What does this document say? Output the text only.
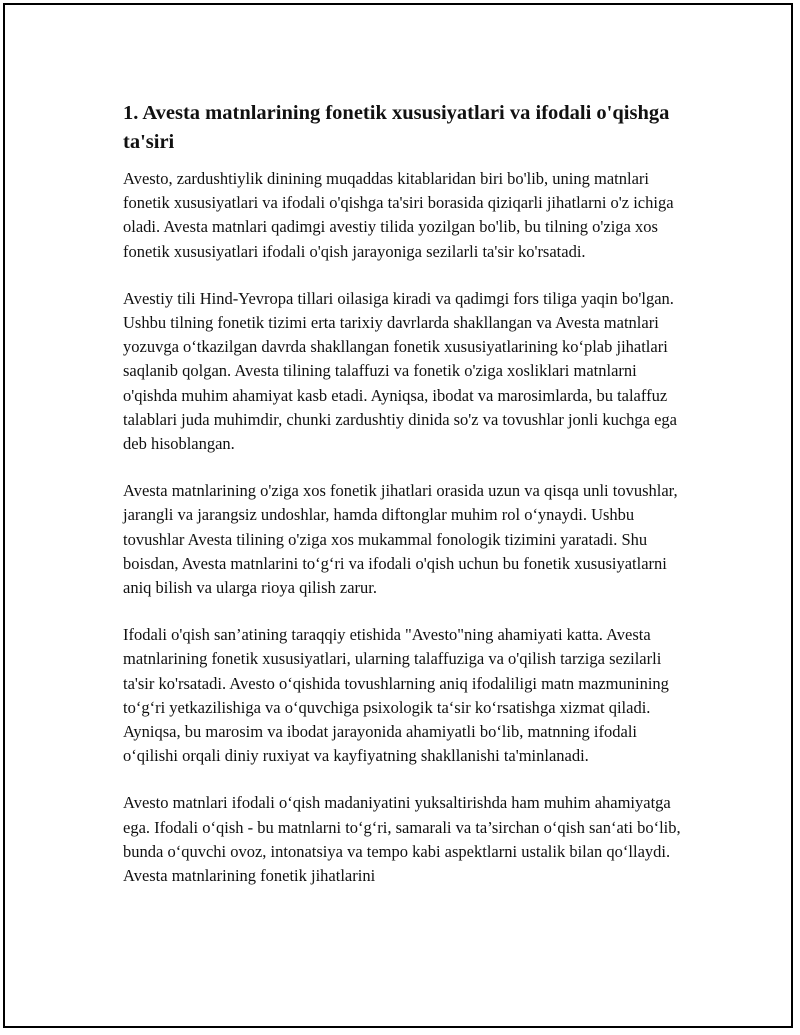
1. Avesta matnlarining fonetik xususiyatlari va ifodali o'qishga ta'siri

Avesto, zardushtiylik dinining muqaddas kitablaridan biri bo'lib, uning matnlari fonetik xususiyatlari va ifodali o'qishga ta'siri borasida qiziqarli jihatlarni o'z ichiga oladi. Avesta matnlari qadimgi avestiy tilida yozilgan bo'lib, bu tilning o'ziga xos fonetik xususiyatlari ifodali o'qish jarayoniga sezilarli ta'sir ko'rsatadi.

Avestiy tili Hind-Yevropa tillari oilasiga kiradi va qadimgi fors tiliga yaqin bo'lgan. Ushbu tilning fonetik tizimi erta tarixiy davrlarda shakllangan va Avesta matnlari yozuvga oʻtkazilgan davrda shakllangan fonetik xususiyatlarining koʻplab jihatlari saqlanib qolgan. Avesta tilining talaffuzi va fonetik o'ziga xosliklari matnlarni o'qishda muhim ahamiyat kasb etadi. Ayniqsa, ibodat va marosimlarda, bu talaffuz talablari juda muhimdir, chunki zardushtiy dinida so'z va tovushlar jonli kuchga ega deb hisoblangan.

Avesta matnlarining o'ziga xos fonetik jihatlari orasida uzun va qisqa unli tovushlar, jarangli va jarangsiz undoshlar, hamda diftonglar muhim rol oʻynaydi. Ushbu tovushlar Avesta tilining o'ziga xos mukammal fonologik tizimini yaratadi. Shu boisdan, Avesta matnlarini toʻgʻri va ifodali o'qish uchun bu fonetik xususiyatlarni aniq bilish va ularga rioya qilish zarur.

Ifodali o'qish san’atining taraqqiy etishida "Avesto"ning ahamiyati katta. Avesta matnlarining fonetik xususiyatlari, ularning talaffuziga va o'qilish tarziga sezilarli ta'sir ko'rsatadi. Avesto oʻqishida tovushlarning aniq ifodaliligi matn mazmunining toʻgʻri yetkazilishiga va oʻquvchiga psixologik taʻsir koʻrsatishga xizmat qiladi. Ayniqsa, bu marosim va ibodat jarayonida ahamiyatli boʻlib, matnning ifodali oʻqilishi orqali diniy ruxiyat va kayfiyatning shakllanishi ta'minlanadi.

Avesto matnlari ifodali oʻqish madaniyatini yuksaltirishda ham muhim ahamiyatga ega. Ifodali oʻqish - bu matnlarni toʻgʻri, samarali va ta’sirchan oʻqish sanʻati boʻlib, bunda oʻquvchi ovoz, intonatsiya va tempo kabi aspektlarni ustalik bilan qoʻllaydi. Avesta matnlarining fonetik jihatlarini
